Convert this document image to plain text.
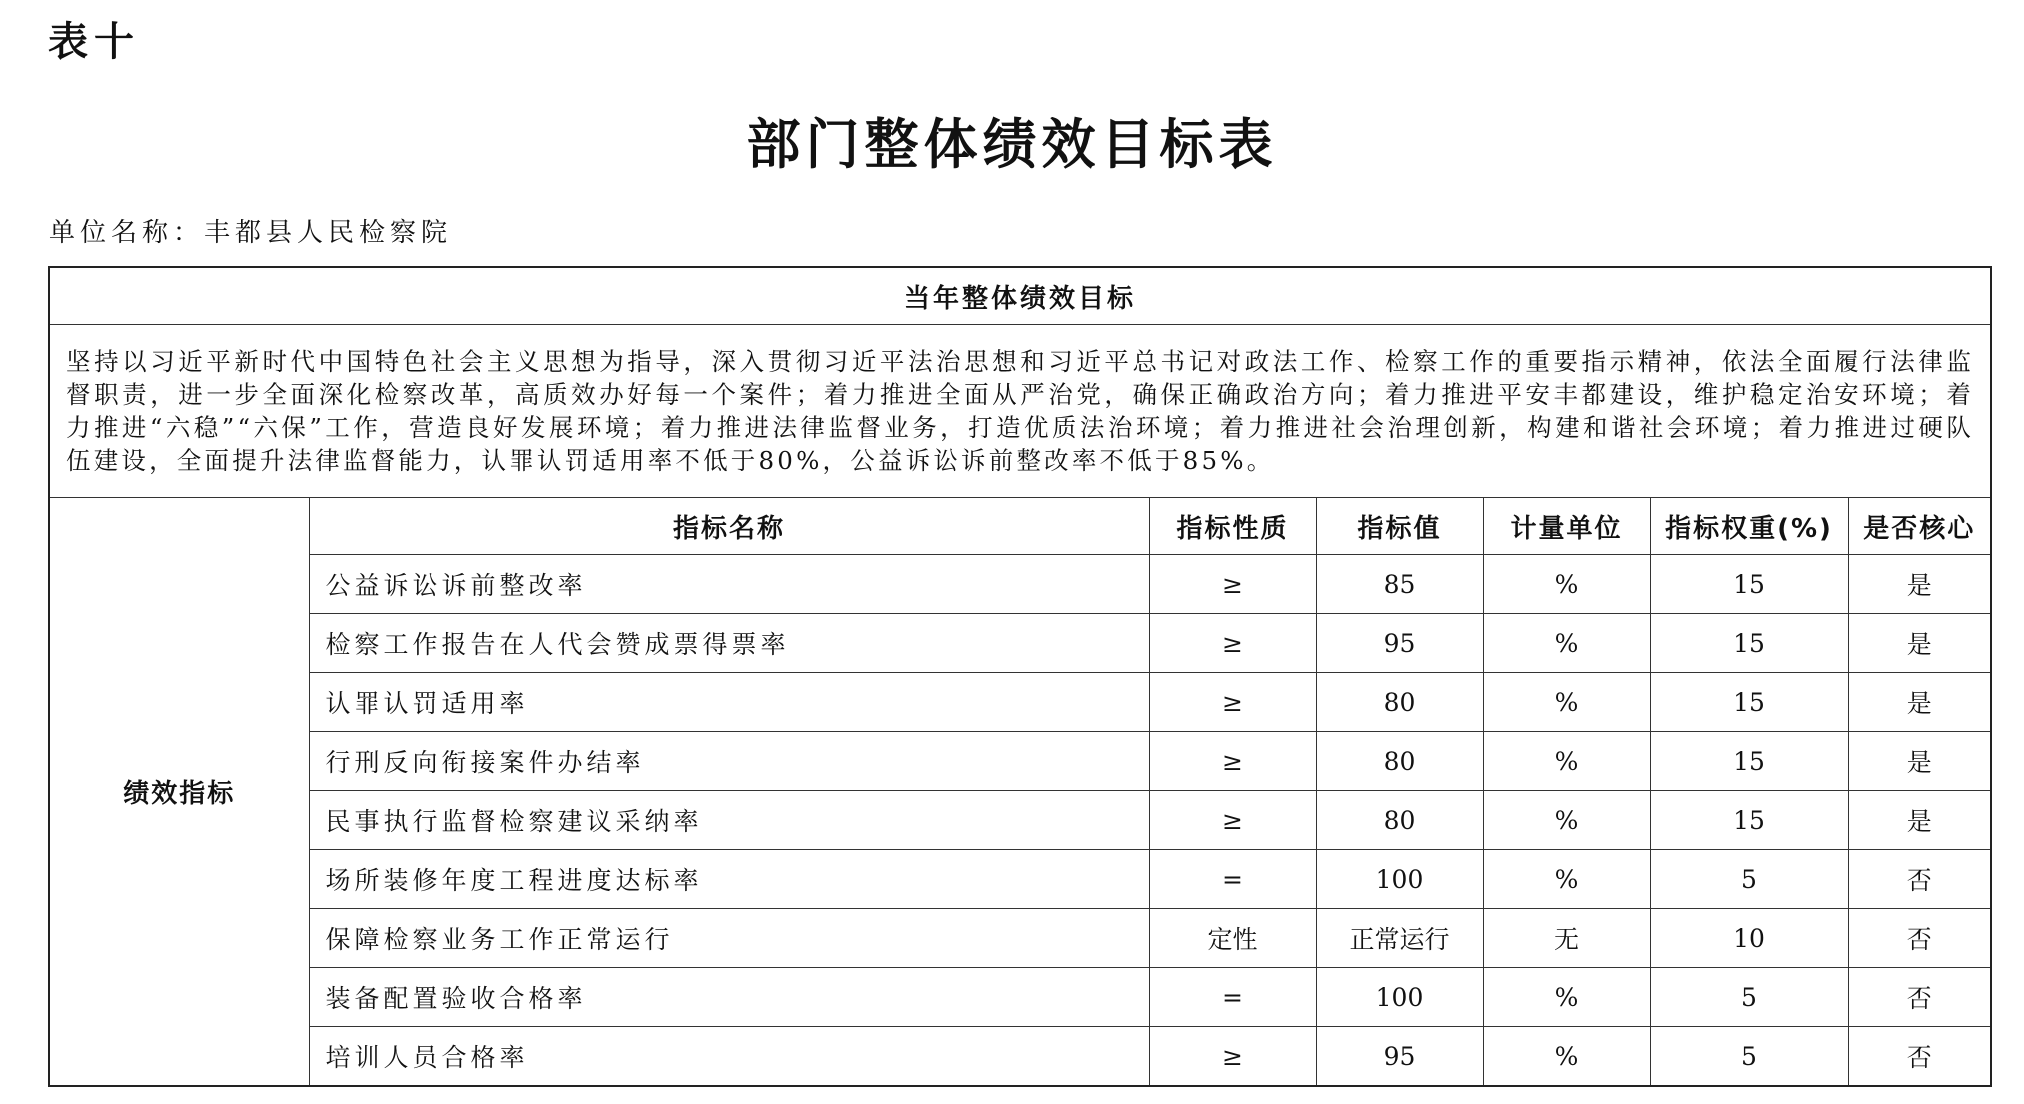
表十
部门整体绩效目标表
单位名称：丰都县人民检察院
当年整体绩效目标						
坚持以习近平新时代中国特色社会主义思想为指导，深入贯彻习近平法治思想和习近平总书记对政法工作、检察工作的重要指示精神，依法全面履行法律监督职责，进一步全面深化检察改革，高质效办好每一个案件；着力推进全面从严治党，确保正确政治方向；着力推进平安丰都建设，维护稳定治安环境；着力推进“六稳”“六保”工作，营造良好发展环境；着力推进法律监督业务，打造优质法治环境；着力推进社会治理创新，构建和谐社会环境；着力推进过硬队伍建设，全面提升法律监督能力，认罪认罚适用率不低于80%，公益诉讼诉前整改率不低于85%。						
绩效指标	指标名称	指标性质	指标值	计量单位	指标权重(%)	是否核心
	公益诉讼诉前整改率	≥	85	%	15	是
	检察工作报告在人代会赞成票得票率	≥	95	%	15	是
	认罪认罚适用率	≥	80	%	15	是
	行刑反向衔接案件办结率	≥	80	%	15	是
	民事执行监督检察建议采纳率	≥	80	%	15	是
	场所装修年度工程进度达标率	=	100	%	5	否
	保障检察业务工作正常运行	定性	正常运行	无	10	否
	装备配置验收合格率	=	100	%	5	否
	培训人员合格率	≥	95	%	5	否
